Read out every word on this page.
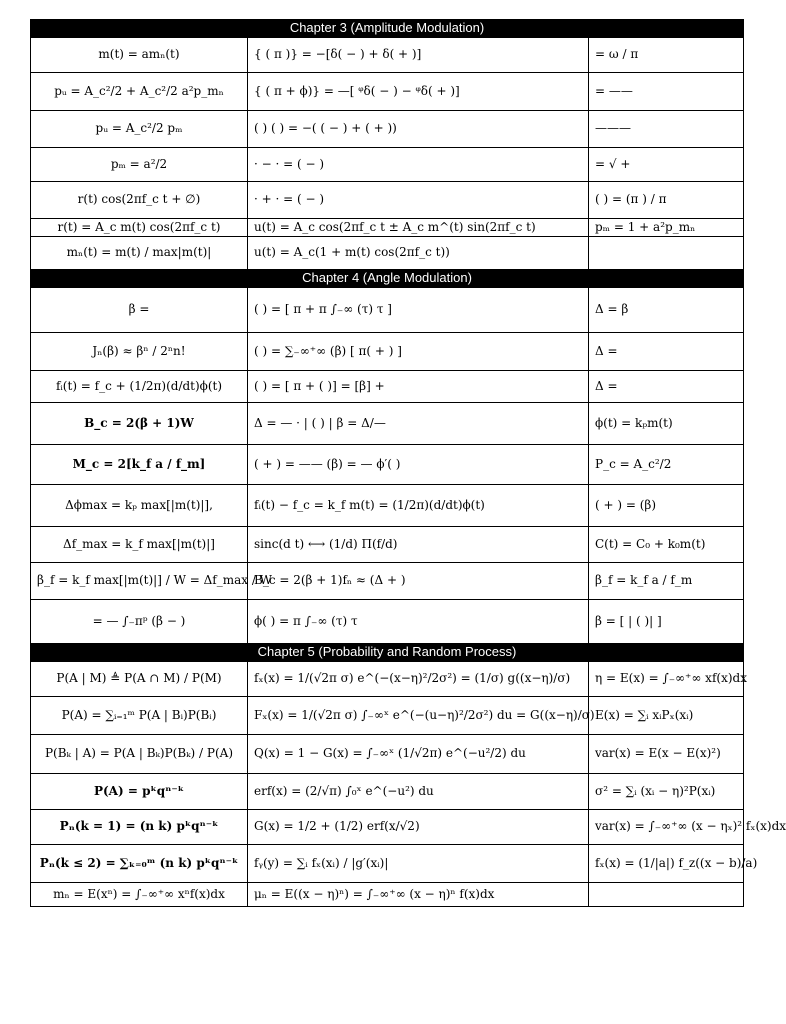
Chapter 3 (Amplitude Modulation)		
m(t) = amₙ(t)	{ ( π )} = −[δ( − ) + δ( + )]	= ω / π
pᵤ = A_c²/2 + A_c²/2 a²p_mₙ	{ ( π + ϕ)} = —[ ᵠδ( − ) − ᵠδ( + )]	= ——
pᵤ = A_c²/2 pₘ	( ) ( ) = −( ( − ) + ( + ))	———
pₘ = a²/2	· − · = ( − )	= √ +
r(t) cos(2πf_c t + ∅)	· + · = ( − )	( ) = (π ) / π
r(t) = A_c m(t) cos(2πf_c t)	u(t) = A_c cos(2πf_c t ± A_c m^(t) sin(2πf_c t)	pₘ = 1 + a²p_mₙ
mₙ(t) = m(t) / max|m(t)|	u(t) = A_c(1 + m(t) cos(2πf_c t))	
Chapter 4 (Angle Modulation)		
β =	( ) = [ π + π ∫₋∞ (τ) τ ]	Δ = β
Jₙ(β) ≈ βⁿ / 2ⁿn!	( ) = ∑₋∞⁺∞ (β) [ π( + ) ]	Δ =
fᵢ(t) = f_c + (1/2π)(d/dt)ϕ(t)	( ) = [ π + ( )] = [β] +	Δ =
B_c = 2(β + 1)W	Δ = — · | ( ) | β = Δ/—	ϕ(t) = kₚm(t)
M_c = 2[k_f a / f_m]	( + ) = —— (β) = — ϕ′( )	P_c = A_c²/2
Δϕmax = kₚ max[|m(t)|],	fᵢ(t) − f_c = k_f m(t) = (1/2π)(d/dt)ϕ(t)	( + ) = (β)
Δf_max = k_f max[|m(t)|]	sinc(d t) ⟷ (1/d) Π(f/d)	C(t) = C₀ + k₀m(t)
β_f = k_f max[|m(t)|] / W = Δf_max / W	B_c = 2(β + 1)fₙ ≈ (Δ + )	β_f = k_f a / f_m
= — ∫₋πᵖ (β − )	ϕ( ) = π ∫₋∞ (τ) τ	β = [ | ( )| ]
Chapter 5 (Probability and Random Process)		
P(A | M) ≜ P(A ∩ M) / P(M)	fₓ(x) = 1/(√2π σ) e^(−(x−η)²/2σ²) = (1/σ) g((x−η)/σ)	η = E(x) = ∫₋∞⁺∞ xf(x)dx
P(A) = ∑ᵢ₌₁ᵐ P(A | Bᵢ)P(Bᵢ)	Fₓ(x) = 1/(√2π σ) ∫₋∞ˣ e^(−(u−η)²/2σ²) du = G((x−η)/σ)	E(x) = ∑ᵢ xᵢPₓ(xᵢ)
P(Bₖ | A) = P(A | Bₖ)P(Bₖ) / P(A)	Q(x) = 1 − G(x) = ∫₋∞ˣ (1/√2π) e^(−u²/2) du	var(x) = E(x − E(x)²)
P(A) = pᵏqⁿ⁻ᵏ	erf(x) = (2/√π) ∫₀ˣ e^(−u²) du	σ² = ∑ᵢ (xᵢ − η)²P(xᵢ)
Pₙ(k = 1) = (n k) pᵏqⁿ⁻ᵏ	G(x) = 1/2 + (1/2) erf(x/√2)	var(x) = ∫₋∞⁺∞ (x − ηₓ)² fₓ(x)dx
Pₙ(k ≤ 2) = ∑ₖ₌₀ᵐ (n k) pᵏqⁿ⁻ᵏ	fᵧ(y) = ∑ᵢ fₓ(xᵢ) / |g′(xᵢ)|	fₓ(x) = (1/|a|) f_z((x − b)/a)
mₙ = E(xⁿ) = ∫₋∞⁺∞ xⁿf(x)dx	μₙ = E((x − η)ⁿ) = ∫₋∞⁺∞ (x − η)ⁿ f(x)dx	
